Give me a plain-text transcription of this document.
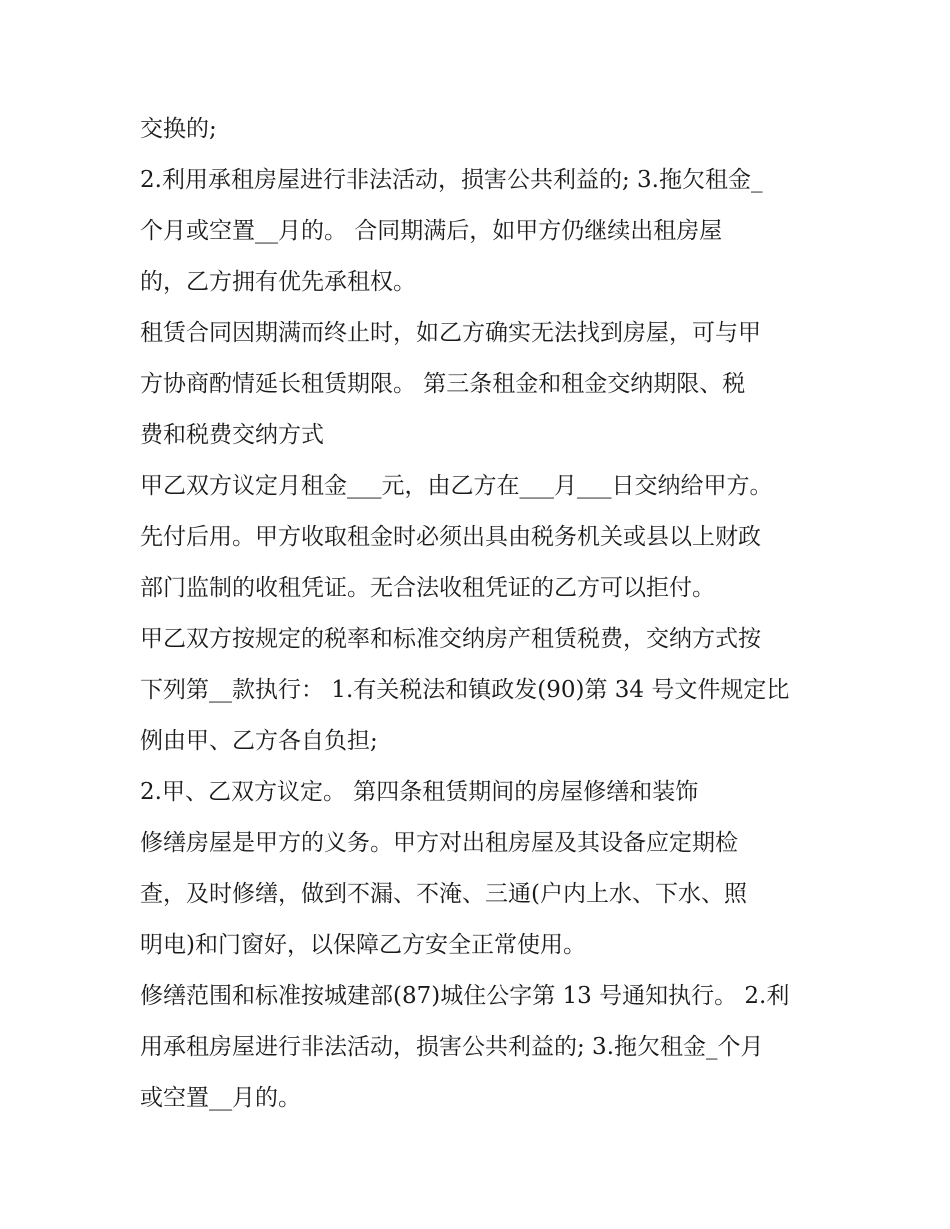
交换的;
2.利用承租房屋进行非法活动，损害公共利益的; 3.拖欠租金_
个月或空置__月的。 合同期满后，如甲方仍继续出租房屋
的，乙方拥有优先承租权。
租赁合同因期满而终止时，如乙方确实无法找到房屋，可与甲
方协商酌情延长租赁期限。 第三条租金和租金交纳期限、税
费和税费交纳方式
甲乙双方议定月租金___元，由乙方在___月___日交纳给甲方。
先付后用。甲方收取租金时必须出具由税务机关或县以上财政
部门监制的收租凭证。无合法收租凭证的乙方可以拒付。
甲乙双方按规定的税率和标准交纳房产租赁税费，交纳方式按
下列第__款执行： 1.有关税法和镇政发(90)第 34 号文件规定比
例由甲、乙方各自负担;
2.甲、乙双方议定。 第四条租赁期间的房屋修缮和装饰
修缮房屋是甲方的义务。甲方对出租房屋及其设备应定期检
查，及时修缮，做到不漏、不淹、三通(户内上水、下水、照
明电)和门窗好，以保障乙方安全正常使用。
修缮范围和标准按城建部(87)城住公字第 13 号通知执行。 2.利
用承租房屋进行非法活动，损害公共利益的; 3.拖欠租金_个月
或空置__月的。
